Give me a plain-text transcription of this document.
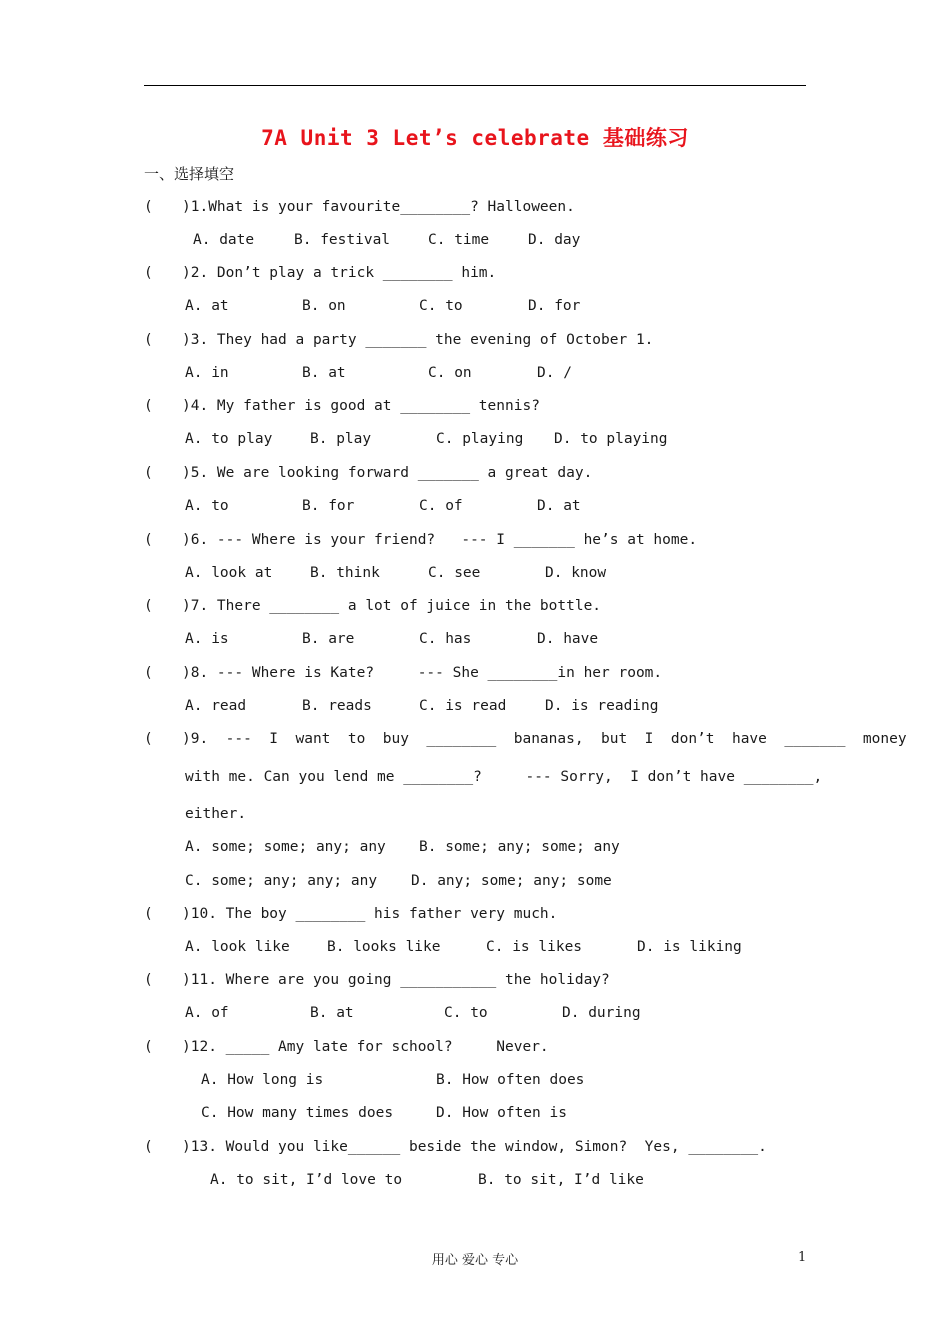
7A Unit 3 Let’s celebrate 基础练习
一、选择填空
( )1.What is your favourite________? Halloween.
A. date	B. festival	C. time	D. day
( )2. Don’t play a trick ________ him.
A. at	B. on	C. to	D. for
( )3. They had a party _______ the evening of October 1.
A. in	B. at	C. on	D. /
( )4. My father is good at ________ tennis?
A. to play	B. play	C. playing D. to playing
( )5. We are looking forward _______ a great day.
A. to	B. for	C. of	D. at
( )6. --- Where is your friend?   --- I _______ he’s at home.
A. look at	B. think	C. see	D. know
( )7. There ________ a lot of juice in the bottle.
A. is	B. are	C. has	D. have
( )8. --- Where is Kate?     --- She ________in her room.
A. read	B. reads	C. is read	D. is reading
( )9.  ---  I  want  to  buy  ________  bananas,  but  I  don’t  have  _______  money
with me. Can you lend me ________?     --- Sorry,  I don’t have ________,
either.
A. some; some; any; any B. some; any; some; any
C. some; any; any; any D. any; some; any; some
( )10. The boy ________ his father very much.
A. look like	B. looks like	C. is likes	D. is liking
( )11. Where are you going ___________ the holiday?
A. of	B. at	C. to	D. during
( )12. _____ Amy late for school?     Never.
A. How long is	B. How often does
C. How many times does	D. How often is
( )13. Would you like______ beside the window, Simon?  Yes, ________.
A. to sit, I’d love to	B. to sit, I’d like
用心 爱心 专心	1
